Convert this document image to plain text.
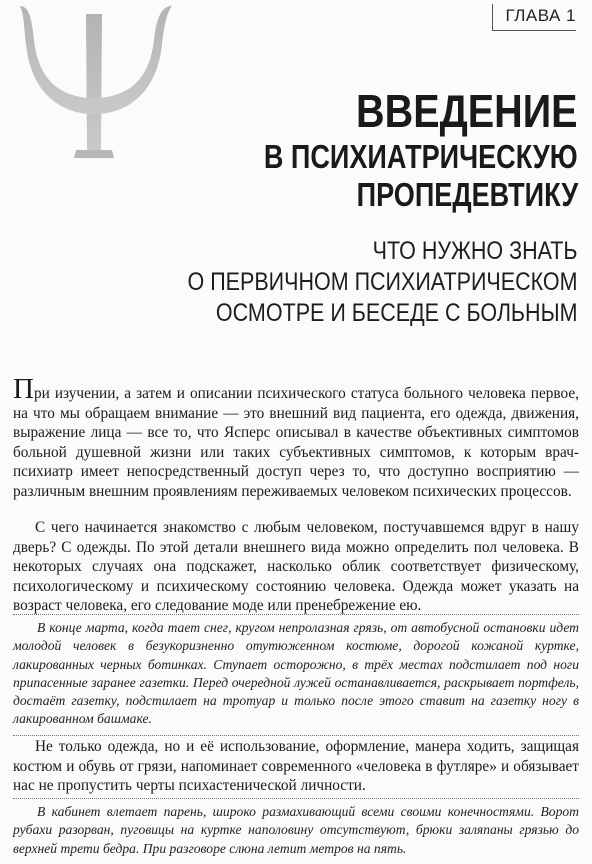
ГЛАВА 1
ВВЕДЕНИЕ
В ПСИХИАТРИЧЕСКУЮ
ПРОПЕДЕВТИКУ
ЧТО НУЖНО ЗНАТЬ
О ПЕРВИЧНОМ ПСИХИАТРИЧЕСКОМ
ОСМОТРЕ И БЕСЕДЕ С БОЛЬНЫМ
При изучении, а затем и описании психического статуса больного человека первое, на что мы обращаем внимание — это внешний вид пациента, его одежда, движения, выражение лица — все то, что Ясперс описывал в качестве объективных симптомов больной душевной жизни или таких субъективных симптомов, к которым врач-психиатр имеет непосредственный доступ через то, что доступно восприятию — различным внешним проявлениям переживаемых человеком психических процессов.
С чего начинается знакомство с любым человеком, постучавшемся вдруг в нашу дверь? С одежды. По этой детали внешнего вида можно определить пол человека. В некоторых случаях она подскажет, насколько облик соответствует физическому, психологическому и психическому состоянию человека. Одежда может указать на возраст человека, его следование моде или пренебрежение ею.
В конце марта, когда тает снег, кругом непролазная грязь, от автобусной остановки идет молодой человек в безукоризненно отутюженном костюме, дорогой кожаной куртке, лакированных черных ботинках. Ступает осторожно, в трёх местах подстилает под ноги припасенные заранее газетки. Перед очередной лужей останавливается, раскрывает портфель, достаёт газетку, подстилает на тротуар и только после этого ставит на газетку ногу в лакированном башмаке.
Не только одежда, но и её использование, оформление, манера ходить, защищая костюм и обувь от грязи, напоминает современного «человека в футляре» и обязывает нас не пропустить черты психастенической личности.
В кабинет влетает парень, широко размахивающий всеми своими конечностями. Ворот рубахи разорван, пуговицы на куртке наполовину отсутствуют, брюки заляпаны грязью до верхней трети бедра. При разговоре слюна летит метров на пять.
